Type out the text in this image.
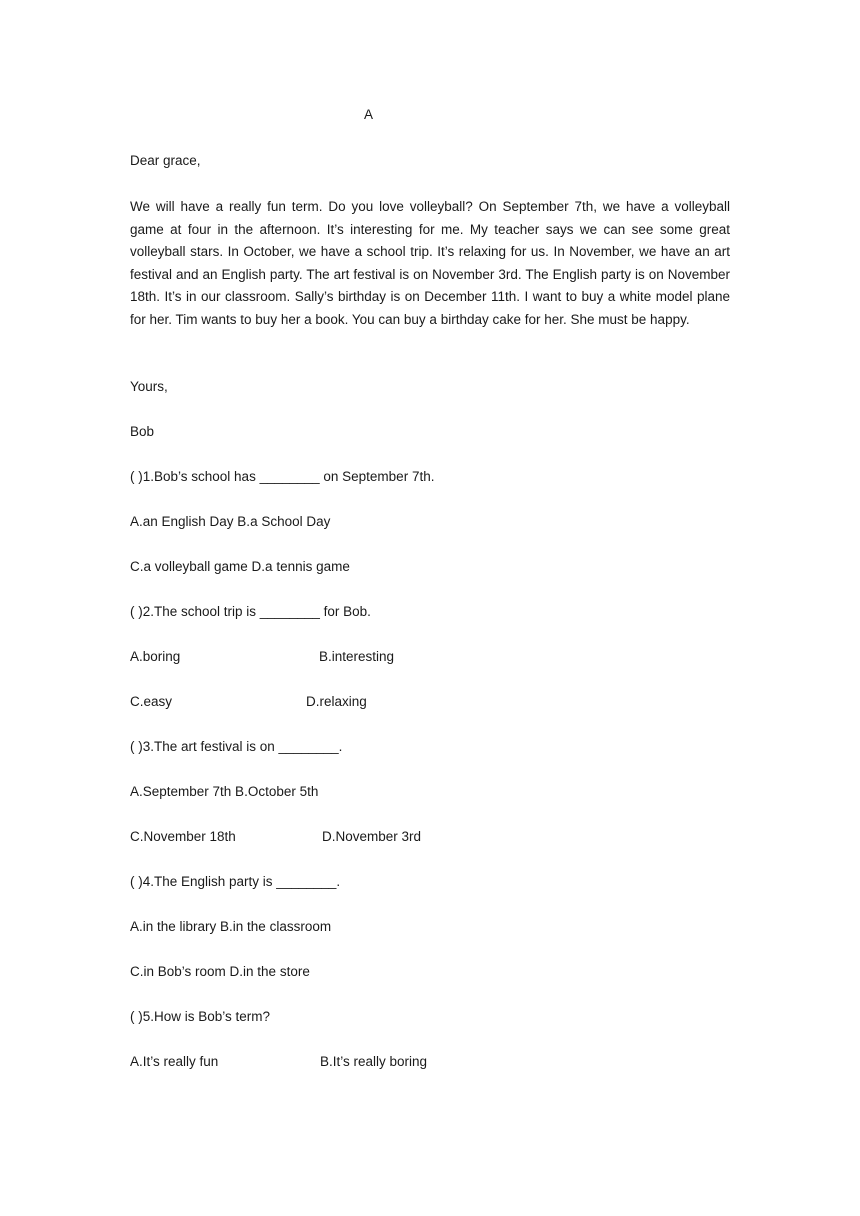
A
Dear grace,
We will have a really fun term. Do you love volleyball? On September 7th, we have a volleyball game at four in the afternoon. It’s interesting for me. My teacher says we can see some great volleyball stars. In October, we have a school trip. It’s relaxing for us. In November, we have an art festival and an English party. The art festival is on November 3rd. The English party is on November 18th. It’s in our classroom. Sally’s birthday is on December 11th. I want to buy a white model plane for her. Tim wants to buy her a book. You can buy a birthday cake for her. She must be happy.
Yours,
Bob
( )1.Bob’s school has ________ on September 7th.
A.an English Day B.a School Day
C.a volleyball game D.a tennis game
( )2.The school trip is ________ for Bob.
A.boring	B.interesting
C.easy	D.relaxing
( )3.The art festival is on ________.
A.September 7th B.October 5th
C.November 18th	D.November 3rd
( )4.The English party is ________.
A.in the library B.in the classroom
C.in Bob’s room D.in the store
( )5.How is Bob’s term?
A.It’s really fun	B.It’s really boring
